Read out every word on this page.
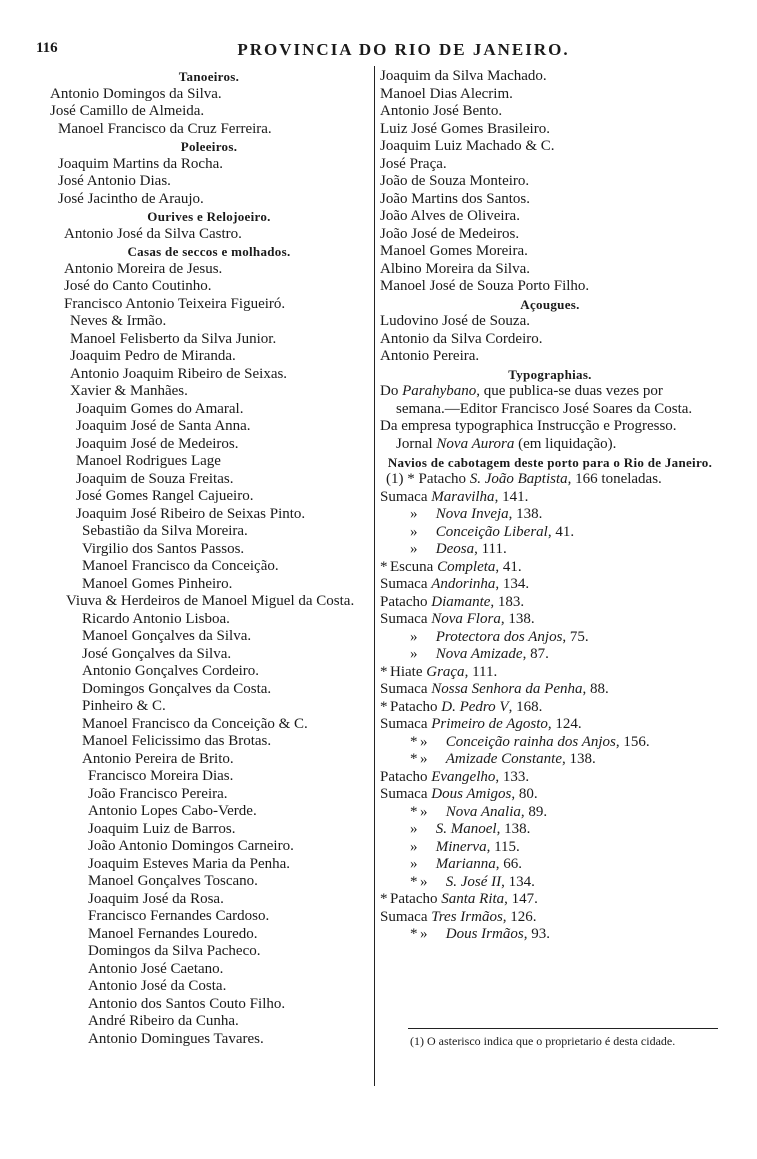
116	PROVINCIA DO RIO DE JANEIRO.
Tanoeiros.
Antonio Domingos da Silva.
José Camillo de Almeida.
Manoel Francisco da Cruz Ferreira.
Poleeiros.
Joaquim Martins da Rocha.
José Antonio Dias.
José Jacintho de Araujo.
Ourives e Relojoeiro.
Antonio José da Silva Castro.
Casas de seccos e molhados.
Antonio Moreira de Jesus.
José do Canto Coutinho.
Francisco Antonio Teixeira Figueiró.
Neves & Irmão.
Manoel Felisberto da Silva Junior.
Joaquim Pedro de Miranda.
Antonio Joaquim Ribeiro de Seixas.
Xavier & Manhães.
Joaquim Gomes do Amaral.
Joaquim José de Santa Anna.
Joaquim José de Medeiros.
Manoel Rodrigues Lage
Joaquim de Souza Freitas.
José Gomes Rangel Cajueiro.
Joaquim José Ribeiro de Seixas Pinto.
Sebastião da Silva Moreira.
Virgilio dos Santos Passos.
Manoel Francisco da Conceição.
Manoel Gomes Pinheiro.
Viuva & Herdeiros de Manoel Miguel da Costa.
Ricardo Antonio Lisboa.
Manoel Gonçalves da Silva.
José Gonçalves da Silva.
Antonio Gonçalves Cordeiro.
Domingos Gonçalves da Costa.
Pinheiro & C.
Manoel Francisco da Conceição & C.
Manoel Felicissimo das Brotas.
Antonio Pereira de Brito.
Francisco Moreira Dias.
João Francisco Pereira.
Antonio Lopes Cabo-Verde.
Joaquim Luiz de Barros.
João Antonio Domingos Carneiro.
Joaquim Esteves Maria da Penha.
Manoel Gonçalves Toscano.
Joaquim José da Rosa.
Francisco Fernandes Cardoso.
Manoel Fernandes Louredo.
Domingos da Silva Pacheco.
Antonio José Caetano.
Antonio José da Costa.
Antonio dos Santos Couto Filho.
André Ribeiro da Cunha.
Antonio Domingues Tavares.
Joaquim da Silva Machado.
Manoel Dias Alecrim.
Antonio José Bento.
Luiz José Gomes Brasileiro.
Joaquim Luiz Machado & C.
José Praça.
João de Souza Monteiro.
João Martins dos Santos.
João Alves de Oliveira.
João José de Medeiros.
Manoel Gomes Moreira.
Albino Moreira da Silva.
Manoel José de Souza Porto Filho.
Açougues.
Ludovino José de Souza.
Antonio da Silva Cordeiro.
Antonio Pereira.
Typographias.
Do Parahybano, que publica-se duas vezes por semana.—Editor Francisco José Soares da Costa.
Da empresa typographica Instrucção e Progresso. Jornal Nova Aurora (em liquidação).
Navios de cabotagem deste porto para o Rio de Janeiro.
(1) * Patacho S. João Baptista, 166 toneladas.
Sumaca Maravilha, 141.
» Nova Inveja, 138.
» Conceição Liberal, 41.
» Deosa, 111.
* Escuna Completa, 41.
Sumaca Andorinha, 134.
Patacho Diamante, 183.
Sumaca Nova Flora, 138.
» Protectora dos Anjos, 75.
» Nova Amizade, 87.
* Hiate Graça, 111.
Sumaca Nossa Senhora da Penha, 88.
* Patacho D. Pedro V, 168.
Sumaca Primeiro de Agosto, 124.
* » Conceição rainha dos Anjos, 156.
* » Amizade Constante, 138.
Patacho Evangelho, 133.
Sumaca Dous Amigos, 80.
* » Nova Analia, 89.
» S. Manoel, 138.
» Minerva, 115.
» Marianna, 66.
* » S. José II, 134.
* Patacho Santa Rita, 147.
Sumaca Tres Irmãos, 126.
* » Dous Irmãos, 93.
(1) O asterisco indica que o proprietario é desta cidade.
